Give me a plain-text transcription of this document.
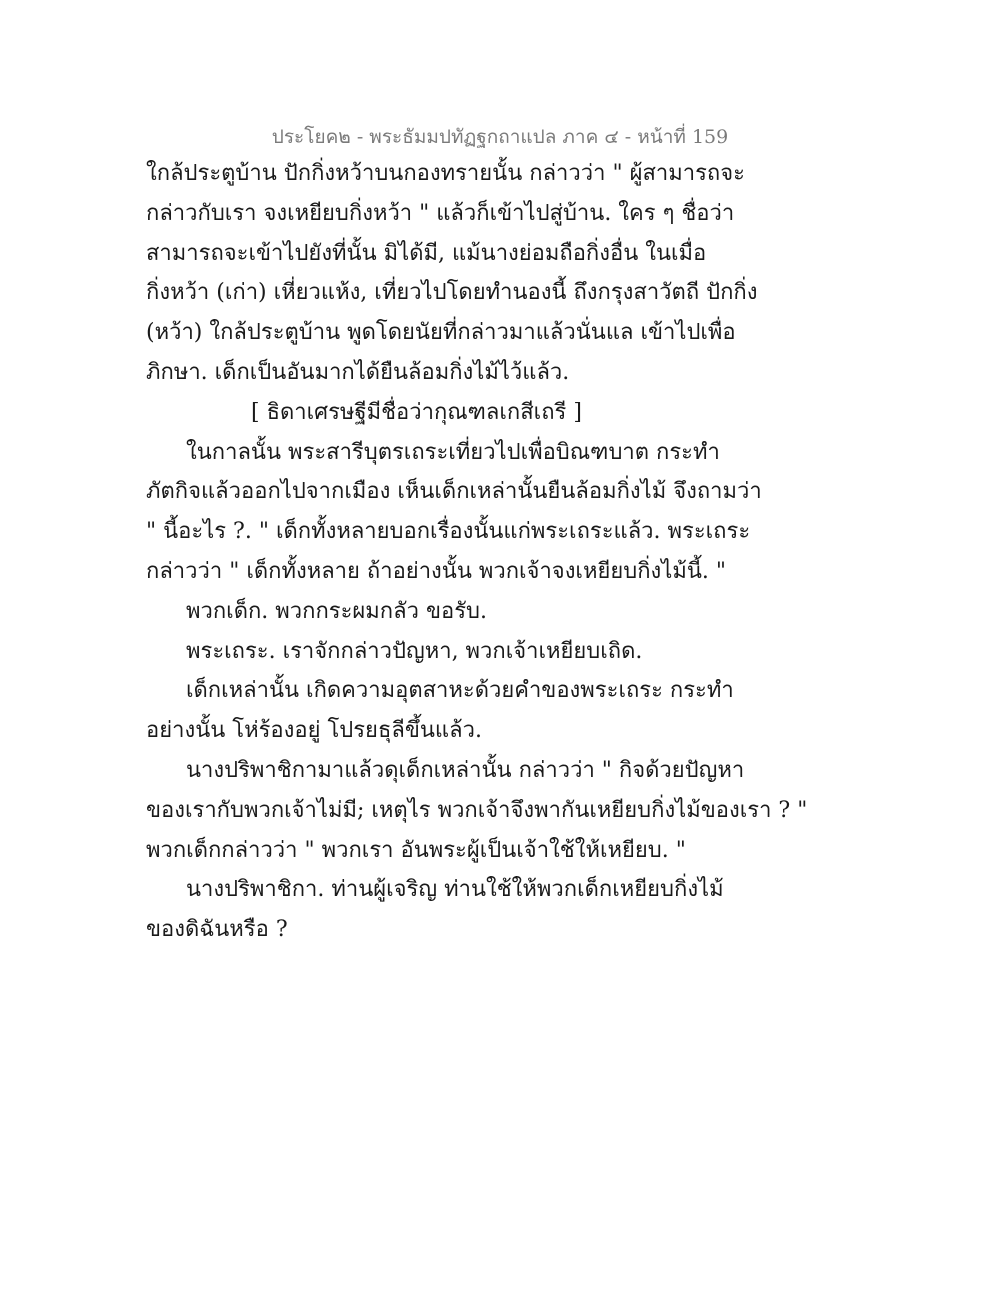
ประโยค๒ - พระธัมมปทัฏฐกถาแปล ภาค ๔ - หน้าที่ 159
ใกล้ประตูบ้าน ปักกิ่งหว้าบนกองทรายนั้น กล่าวว่า " ผู้สามารถจะ
กล่าวกับเรา จงเหยียบกิ่งหว้า " แล้วก็เข้าไปสู่บ้าน. ใคร ๆ ชื่อว่า
สามารถจะเข้าไปยังที่นั้น มิได้มี, แม้นางย่อมถือกิ่งอื่น ในเมื่อ
กิ่งหว้า (เก่า) เหี่ยวแห้ง, เที่ยวไปโดยทำนองนี้ ถึงกรุงสาวัตถี ปักกิ่ง
(หว้า) ใกล้ประตูบ้าน พูดโดยนัยที่กล่าวมาแล้วนั่นแล เข้าไปเพื่อ
ภิกษา. เด็กเป็นอันมากได้ยืนล้อมกิ่งไม้ไว้แล้ว.
[ ธิดาเศรษฐีมีชื่อว่ากุณฑลเกสีเถรี ]
ในกาลนั้น พระสารีบุตรเถระเที่ยวไปเพื่อบิณฑบาต กระทำ
ภัตกิจแล้วออกไปจากเมือง เห็นเด็กเหล่านั้นยืนล้อมกิ่งไม้ จึงถามว่า
" นี้อะไร ?. " เด็กทั้งหลายบอกเรื่องนั้นแก่พระเถระแล้ว. พระเถระ
กล่าวว่า " เด็กทั้งหลาย ถ้าอย่างนั้น พวกเจ้าจงเหยียบกิ่งไม้นี้. "
พวกเด็ก. พวกกระผมกลัว ขอรับ.
พระเถระ. เราจักกล่าวปัญหา, พวกเจ้าเหยียบเถิด.
เด็กเหล่านั้น เกิดความอุตสาหะด้วยคำของพระเถระ กระทำ
อย่างนั้น โห่ร้องอยู่ โปรยธุลีขึ้นแล้ว.
นางปริพาชิกามาแล้วดุเด็กเหล่านั้น กล่าวว่า " กิจด้วยปัญหา
ของเรากับพวกเจ้าไม่มี; เหตุไร พวกเจ้าจึงพากันเหยียบกิ่งไม้ของเรา ? "
พวกเด็กกล่าวว่า " พวกเรา อันพระผู้เป็นเจ้าใช้ให้เหยียบ. "
นางปริพาชิกา. ท่านผู้เจริญ ท่านใช้ให้พวกเด็กเหยียบกิ่งไม้
ของดิฉันหรือ ?
